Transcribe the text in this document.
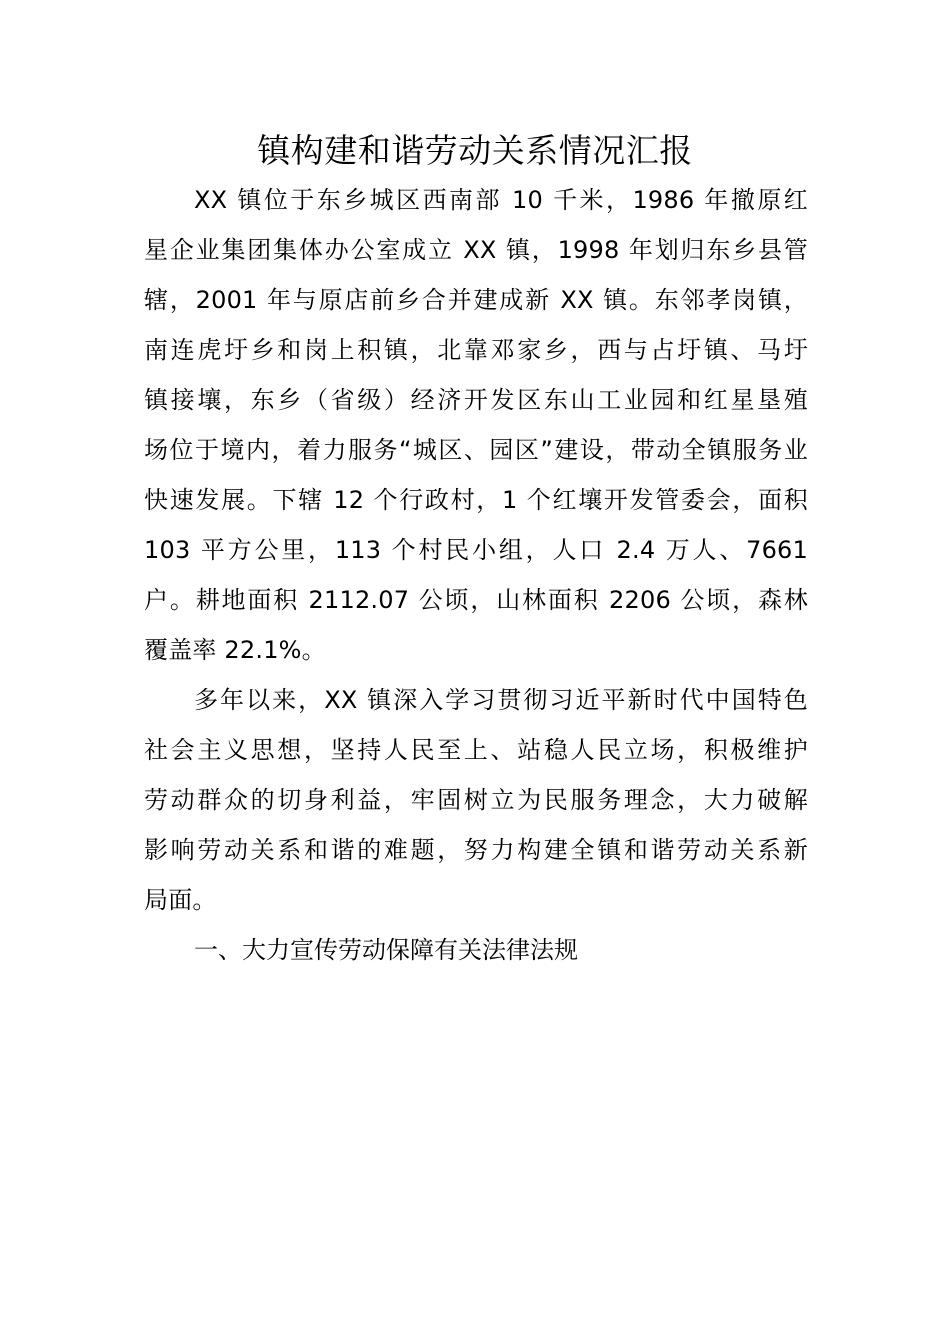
镇构建和谐劳动关系情况汇报
XX 镇位于东乡城区西南部 10 千米，1986 年撤原红
星企业集团集体办公室成立 XX 镇，1998 年划归东乡县管
辖，2001 年与原店前乡合并建成新 XX 镇。东邻孝岗镇，
南连虎圩乡和岗上积镇，北靠邓家乡，西与占圩镇、马圩
镇接壤，东乡（省级）经济开发区东山工业园和红星垦殖
场位于境内，着力服务“城区、园区”建设，带动全镇服务业
快速发展。下辖 12 个行政村，1 个红壤开发管委会，面积
103 平方公里，113 个村民小组，人口 2.4 万人、7661
户。耕地面积 2112.07 公顷，山林面积 2206 公顷，森林
覆盖率 22.1%。
多年以来，XX 镇深入学习贯彻习近平新时代中国特色
社会主义思想，坚持人民至上、站稳人民立场，积极维护
劳动群众的切身利益，牢固树立为民服务理念，大力破解
影响劳动关系和谐的难题，努力构建全镇和谐劳动关系新
局面。
一、大力宣传劳动保障有关法律法规
